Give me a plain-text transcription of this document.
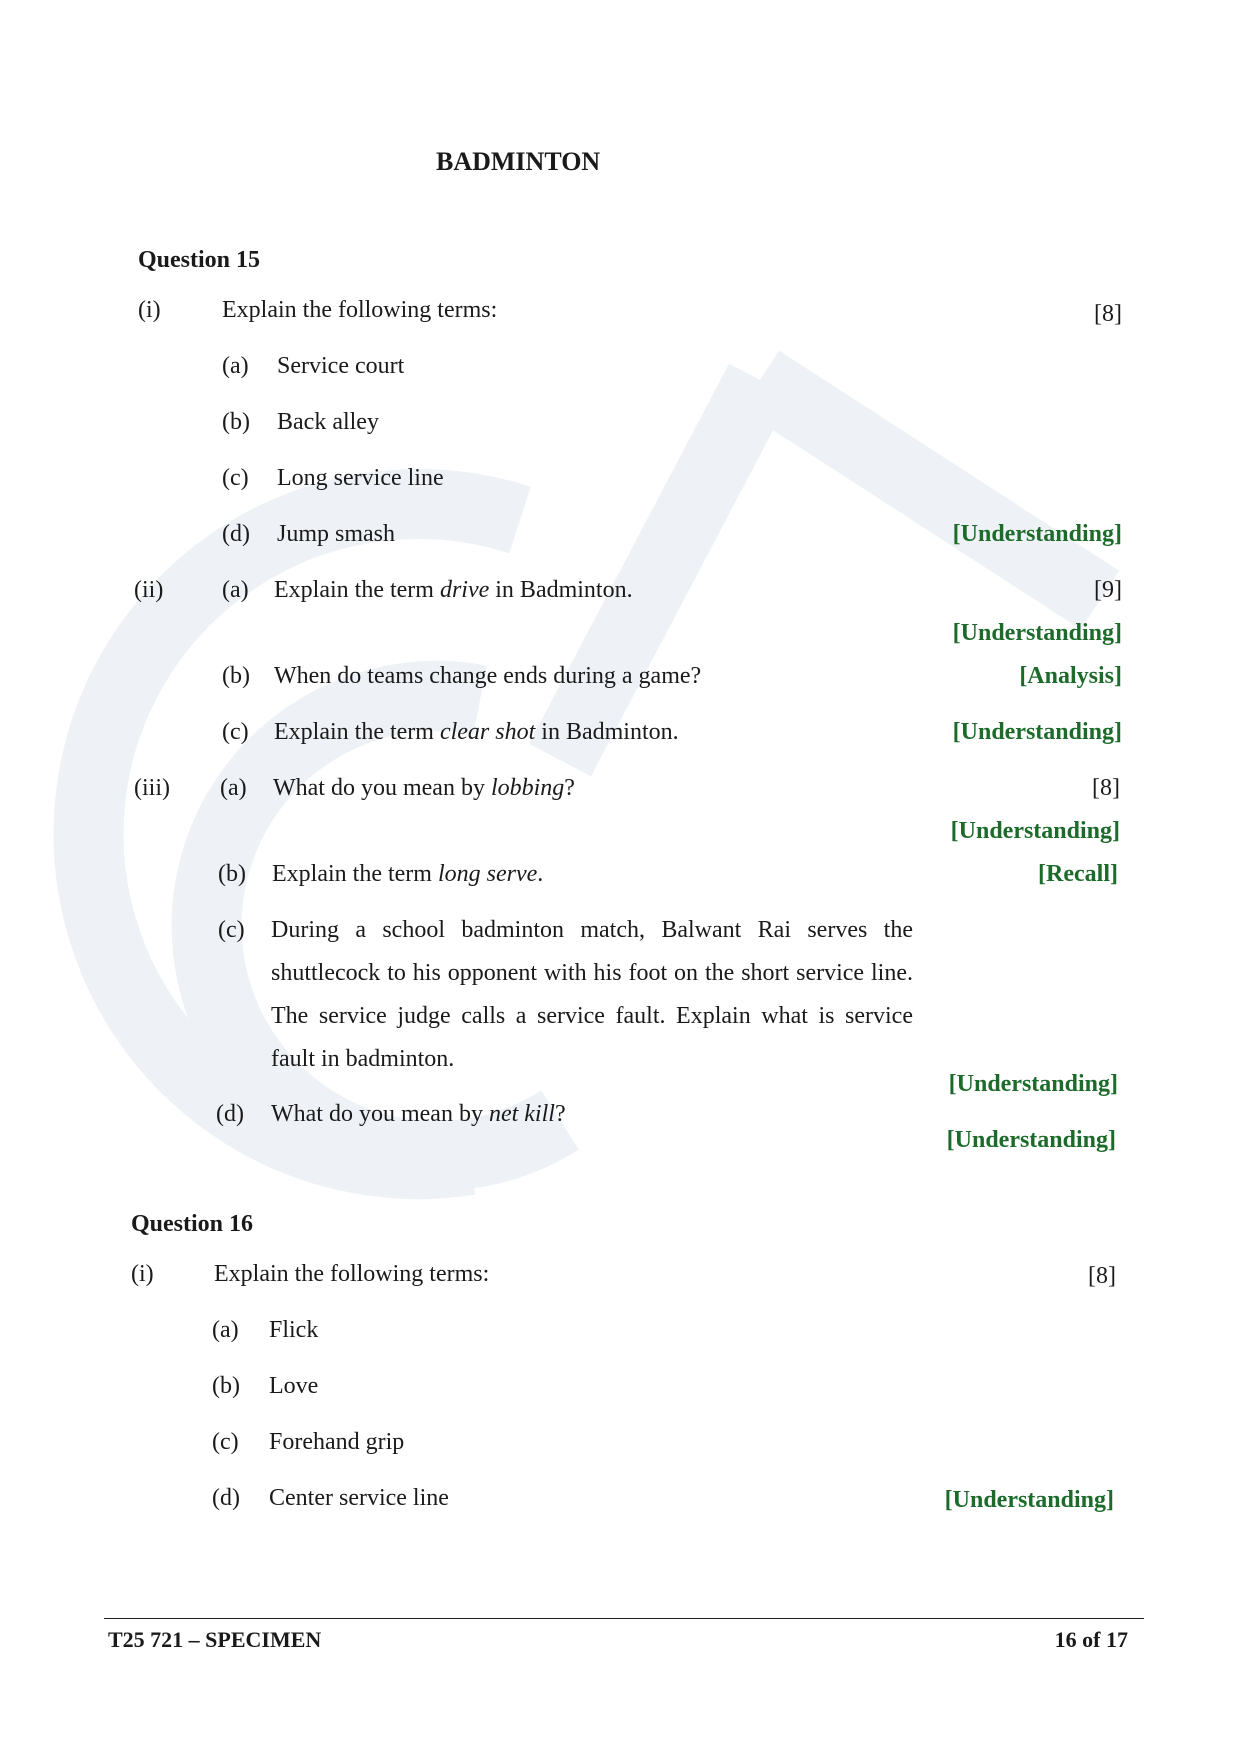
BADMINTON
Question 15
(i)	Explain the following terms:	[8]
(a) Service court
(b) Back alley
(c) Long service line
(d) Jump smash	[Understanding]
(ii) (a) Explain the term drive in Badminton.	[9]
[Understanding]
(b) When do teams change ends during a game?	[Analysis]
(c) Explain the term clear shot in Badminton.	[Understanding]
(iii) (a) What do you mean by lobbing?	[8]
[Understanding]
(b) Explain the term long serve.	[Recall]
(c) During a school badminton match, Balwant Rai serves the shuttlecock to his opponent with his foot on the short service line. The service judge calls a service fault. Explain what is service fault in badminton.
[Understanding]
(d) What do you mean by net kill?
[Understanding]
Question 16
(i)	Explain the following terms:	[8]
(a) Flick
(b) Love
(c) Forehand grip
(d) Center service line	[Understanding]
T25 721 – SPECIMEN	16 of 17
